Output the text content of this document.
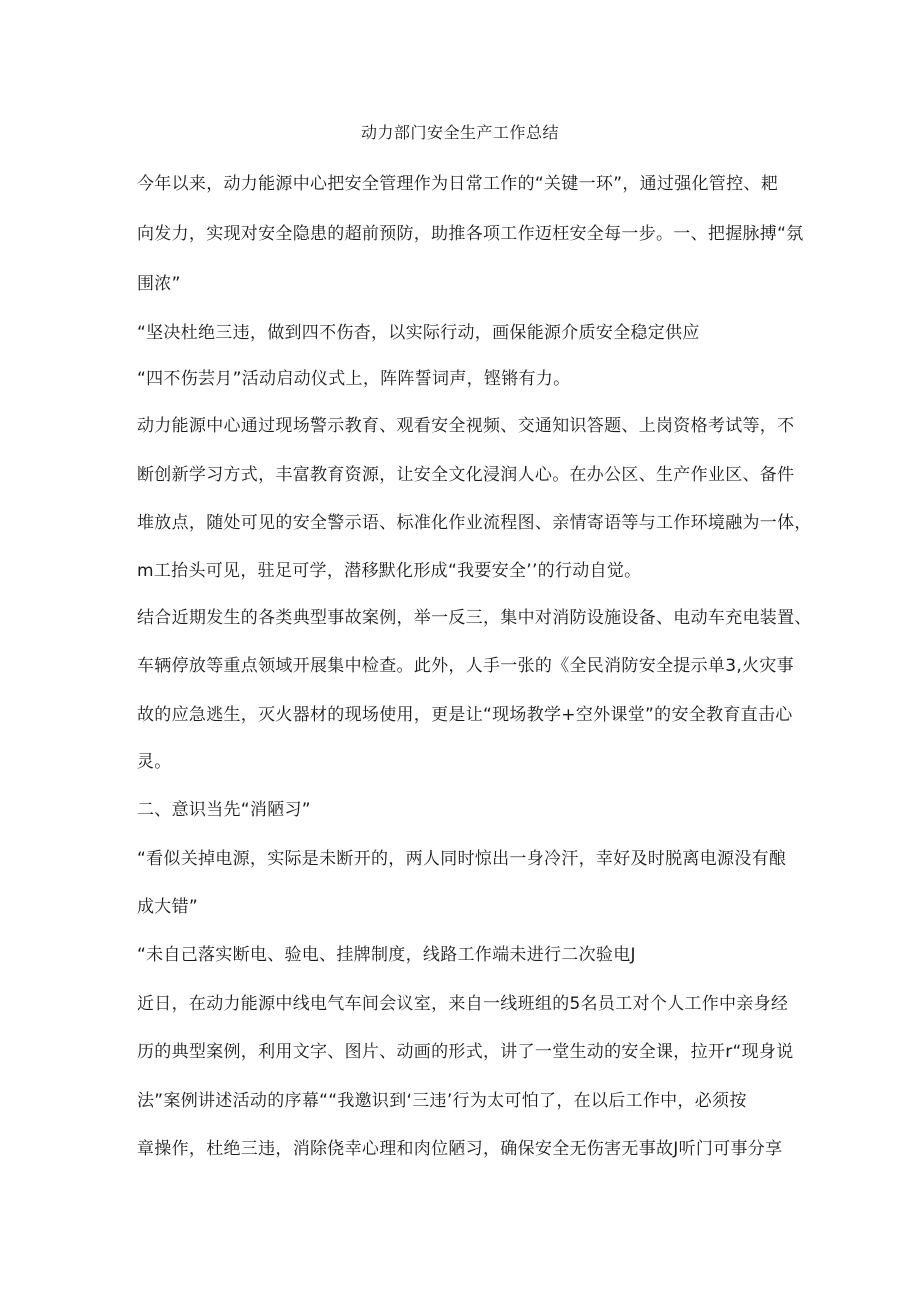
动力部门安全生产工作总结
今年以来，动力能源中心把安全管理作为日常工作的“关键一环”，通过强化管控、耙
向发力，实现对安全隐患的超前预防，助推各项工作迈枉安全每一步。一、把握脉搏“氛
围浓”
“坚决杜绝三违，做到四不伤杳，以实际行动，画保能源介质安全稳定供应
“四不伤芸月”活动启动仪式上，阵阵誓词声，铿锵有力。
动力能源中心通过现场警示教育、观看安全视频、交通知识答题、上岗资格考试等，不
断创新学习方式，丰富教育资源，让安全文化浸润人心。在办公区、生产作业区、备件
堆放点，随处可见的安全警示语、标准化作业流程图、亲情寄语等与工作环境融为一体，
m工抬头可见，驻足可学，潜移默化形成“我要安全’’的行动自觉。
结合近期发生的各类典型事故案例，举一反三，集中对消防设施设备、电动车充电装置、
车辆停放等重点领域开展集中检查。此外，人手一张的《全民消防安全提示单3,火灾事
故的应急逃生，灭火器材的现场使用，更是让“现场教学+空外课堂”的安全教育直击心
灵。
二、意识当先“消陋习”
“看似关掉电源，实际是未断开的，两人同时惊出一身冷汗，幸好及时脱离电源没有酿
成大错”
“未自己落实断电、验电、挂牌制度，线路工作端未进行二次验电J
近日，在动力能源中线电气车间会议室，来自一线班组的5名员工对个人工作中亲身经
历的典型案例，利用文字、图片、动画的形式，讲了一堂生动的安全课，拉开r“现身说
法”案例讲述活动的序幕““我邀识到‘三违’行为太可怕了，在以后工作中，必须按
章操作，杜绝三违，消除侥幸心理和肉位陋习，确保安全无伤害无事故J听门可事分享
